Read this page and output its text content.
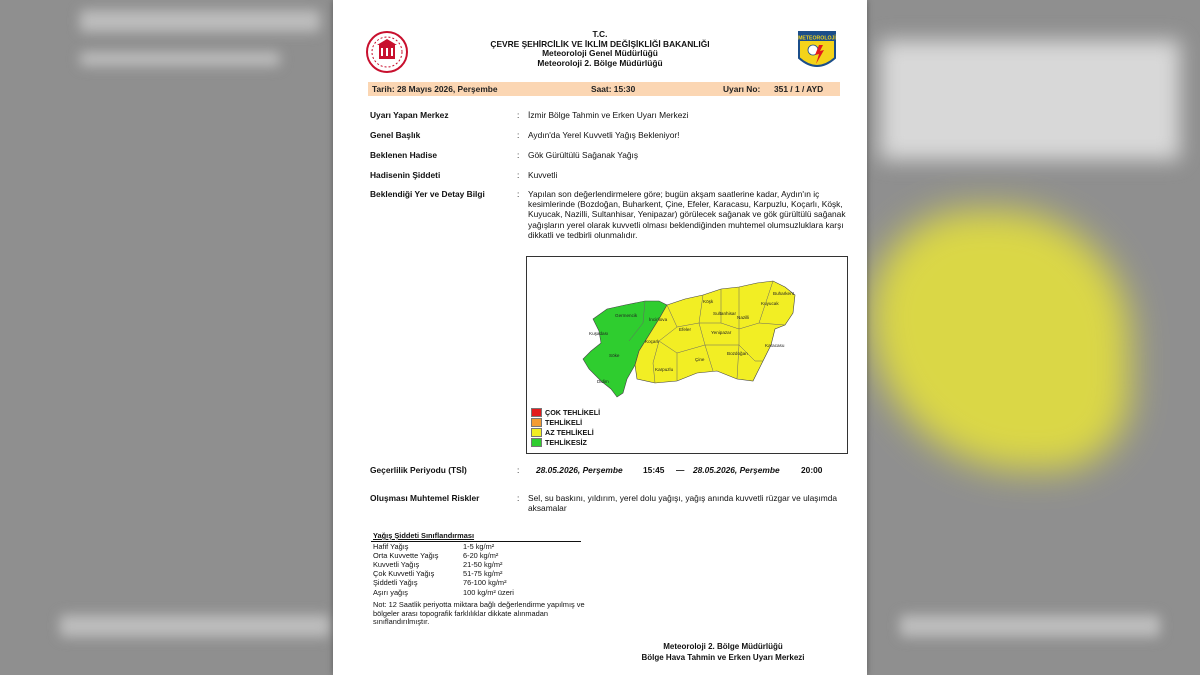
T.C.
ÇEVRE ŞEHİRCİLİK VE İKLİM DEĞİŞİKLİĞİ BAKANLIĞI
Meteoroloji Genel Müdürlüğü
Meteoroloji 2. Bölge Müdürlüğü
METEOROLOJİ
Tarih: 28 Mayıs 2026, Perşembe	Saat: 15:30	Uyarı No: 351 / 1 / AYD
Uyarı Yapan Merkez	: İzmir Bölge Tahmin ve Erken Uyarı Merkezi
Genel Başlık	: Aydın'da Yerel Kuvvetli Yağış Bekleniyor!
Beklenen Hadise	: Gök Gürültülü Sağanak Yağış
Hadisenin Şiddeti	: Kuvvetli
Beklendiği Yer ve Detay Bilgi	: Yapılan son değerlendirmelere göre; bugün akşam saatlerine kadar, Aydın'ın iç kesimlerinde (Bozdoğan, Buharkent, Çine, Efeler, Karacasu, Karpuzlu, Koçarlı, Köşk, Kuyucak, Nazilli, Sultanhisar, Yenipazar) görülecek sağanak ve gök gürültülü sağanak yağışların yerel olarak kuvvetli olması beklendiğinden muhtemel olumsuzluklara karşı dikkatli ve tedbirli olunmalıdır.
Germencik
İncirliova
Kuşadası
Söke
Didim
Koçarlı
Efeler
Köşk
Sultanhisar
Yenipazar
Buharkent
Kuyucak
Nazilli
Karacasu
Bozdoğan
Çine
Karpuzlu
ÇOK TEHLİKELİ
TEHLİKELİ
AZ TEHLİKELİ
TEHLİKESİZ
Geçerlilik Periyodu (TSİ)	: 28.05.2026, Perşembe 15:45 — 28.05.2026, Perşembe	20:00
Oluşması Muhtemel Riskler	: Sel, su baskını, yıldırım, yerel dolu yağışı, yağış anında kuvvetli rüzgar ve ulaşımda aksamalar
Yağış Şiddeti Sınıflandırması
Hafif Yağış	1-5 kg/m²
Orta Kuvvette Yağış	6-20 kg/m²
Kuvvetli Yağış	21-50 kg/m²
Çok Kuvvetli Yağış	51-75 kg/m²
Şiddetli Yağış	76-100 kg/m²
Aşırı yağış	100 kg/m² üzeri
Not: 12 Saatlik periyotta miktara bağlı değerlendirme yapılmış ve bölgeler arası topografik farklılıklar dikkate alınmadan sınıflandırılmıştır.
Meteoroloji 2. Bölge Müdürlüğü
Bölge Hava Tahmin ve Erken Uyarı Merkezi
